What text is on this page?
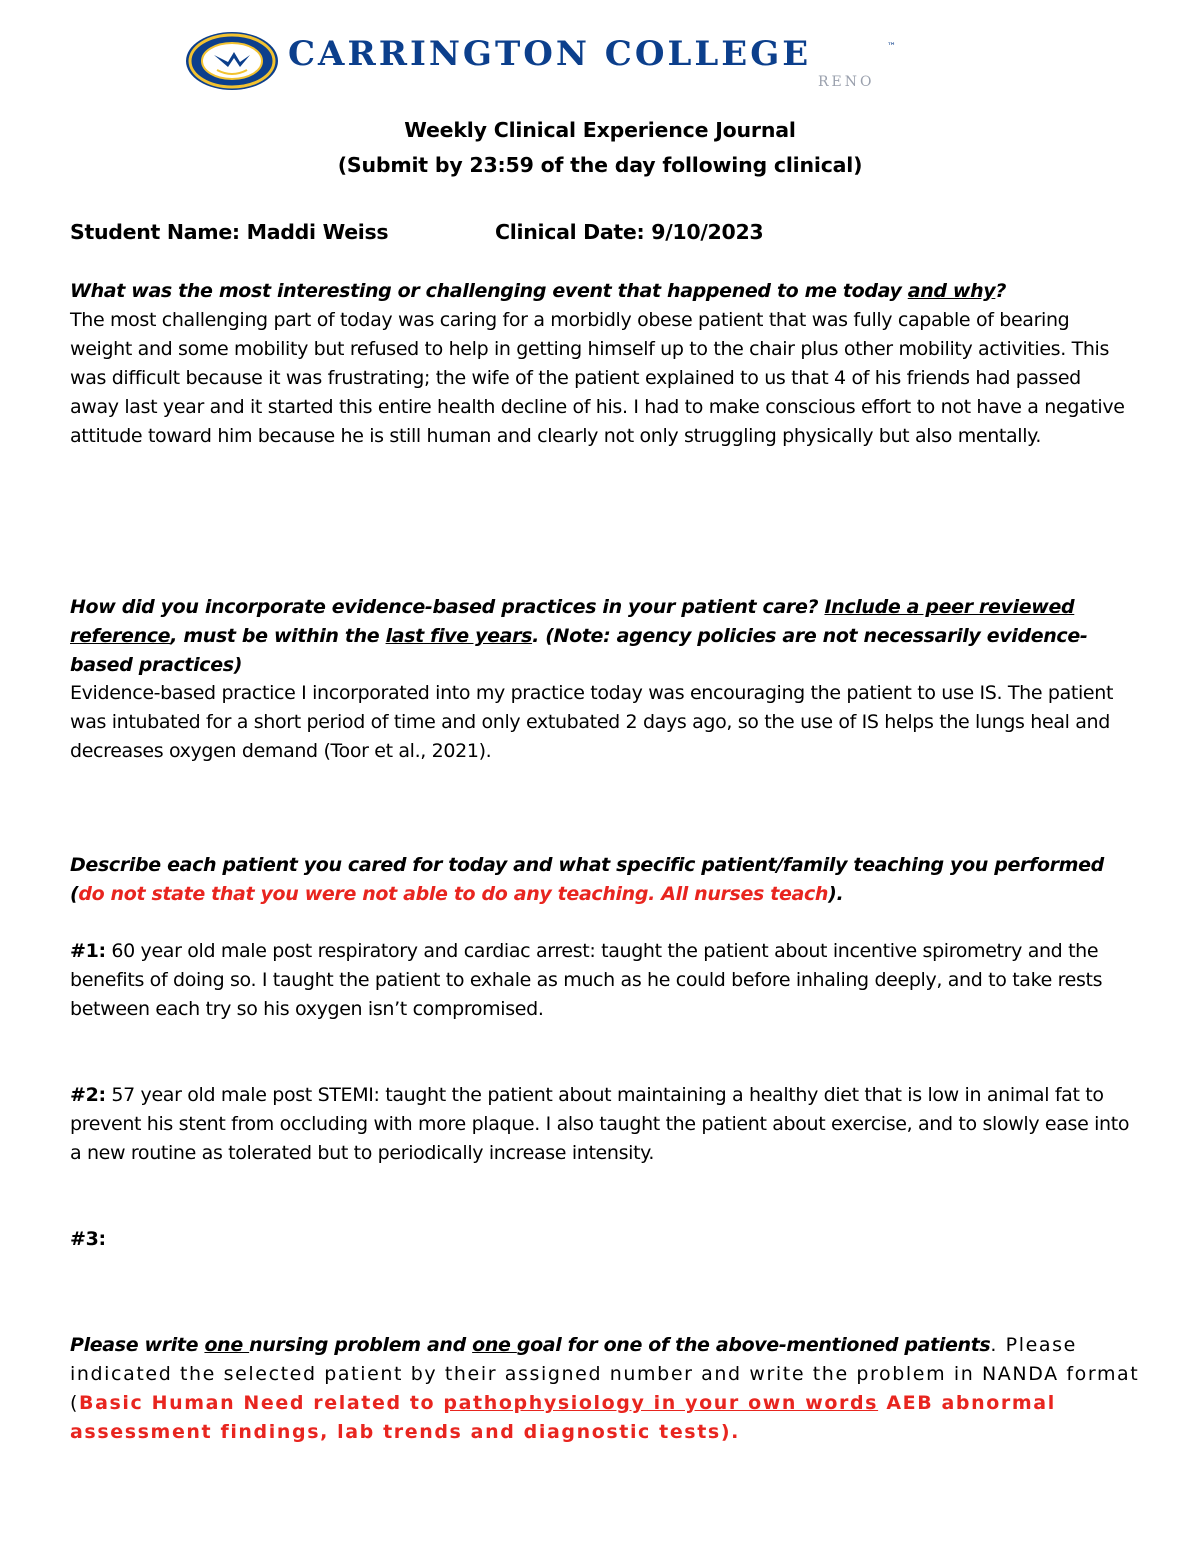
CARRINGTON COLLEGE	™
RENO
Weekly Clinical Experience Journal
(Submit by 23:59 of the day following clinical)
Student Name: Maddi Weiss	Clinical Date: 9/10/2023
What was the most interesting or challenging event that happened to me today and why?
The most challenging part of today was caring for a morbidly obese patient that was fully capable of bearing weight and some mobility but refused to help in getting himself up to the chair plus other mobility activities. This was difficult because it was frustrating; the wife of the patient explained to us that 4 of his friends had passed away last year and it started this entire health decline of his. I had to make conscious effort to not have a negative attitude toward him because he is still human and clearly not only struggling physically but also mentally.
How did you incorporate evidence-based practices in your patient care? Include a peer reviewed reference, must be within the last five years. (Note: agency policies are not necessarily evidence-based practices)
Evidence-based practice I incorporated into my practice today was encouraging the patient to use IS. The patient was intubated for a short period of time and only extubated 2 days ago, so the use of IS helps the lungs heal and decreases oxygen demand (Toor et al., 2021).
Describe each patient you cared for today and what specific patient/family teaching you performed (do not state that you were not able to do any teaching. All nurses teach).
#1: 60 year old male post respiratory and cardiac arrest: taught the patient about incentive spirometry and the benefits of doing so. I taught the patient to exhale as much as he could before inhaling deeply, and to take rests between each try so his oxygen isn’t compromised.
#2: 57 year old male post STEMI: taught the patient about maintaining a healthy diet that is low in animal fat to prevent his stent from occluding with more plaque. I also taught the patient about exercise, and to slowly ease into a new routine as tolerated but to periodically increase intensity.
#3:
Please write one nursing problem and one goal for one of the above-mentioned patients. Please indicated the selected patient by their assigned number and write the problem in NANDA format (Basic Human Need related to pathophysiology in your own words AEB abnormal assessment findings, lab trends and diagnostic tests).
